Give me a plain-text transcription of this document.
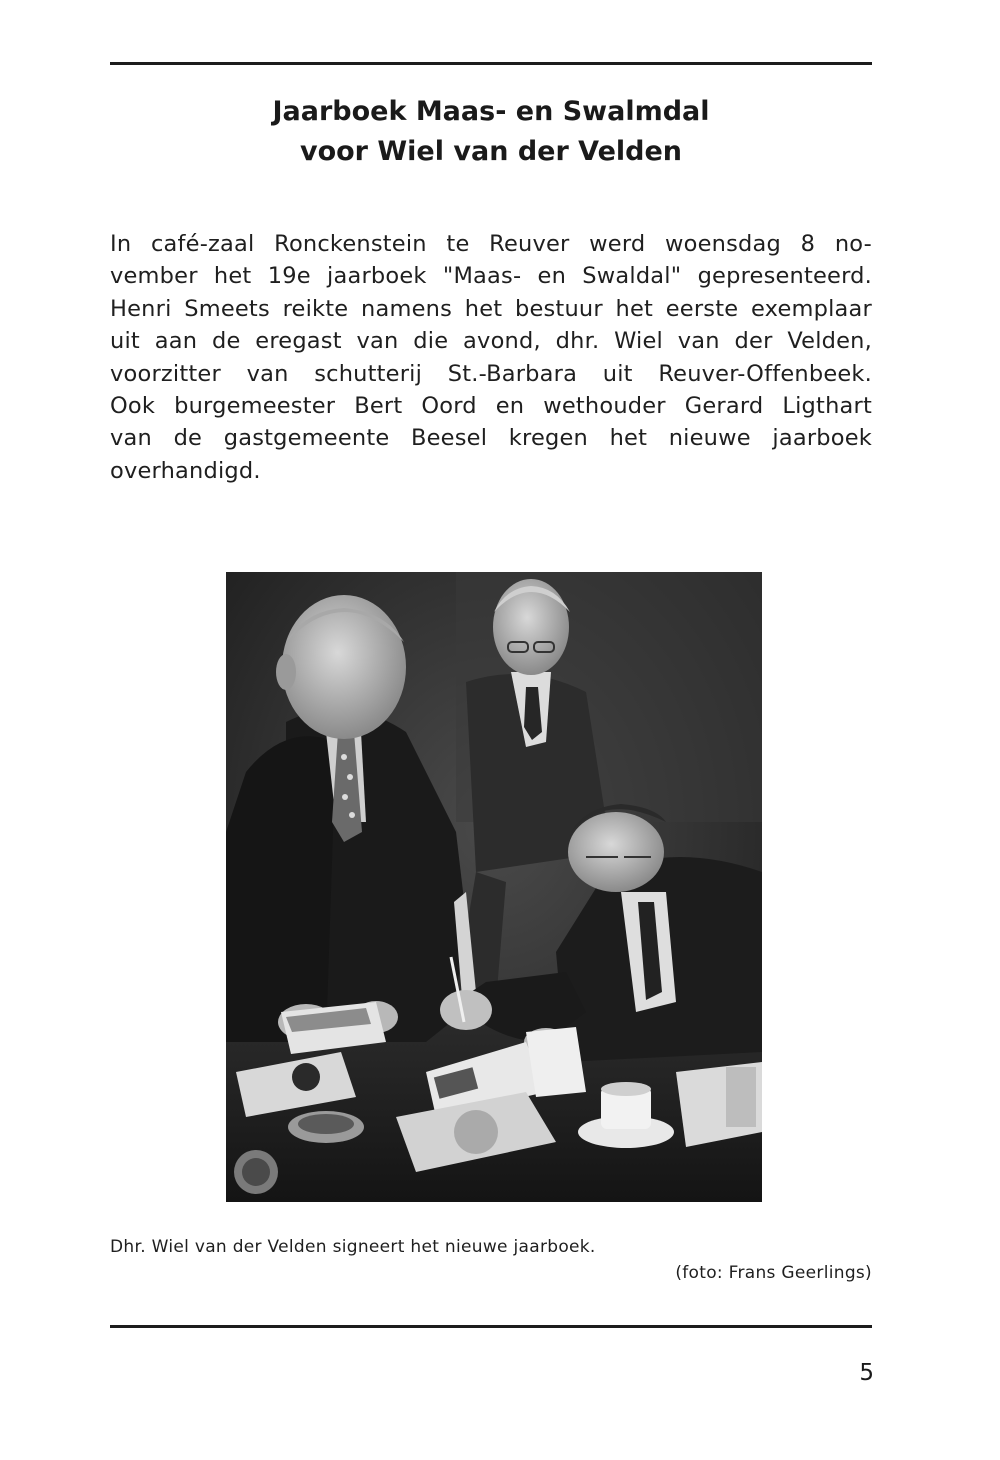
Jaarboek Maas- en Swalmdal
voor Wiel van der Velden
In café-zaal Ronckenstein te Reuver werd woensdag 8 no-
vember het 19e jaarboek "Maas- en Swaldal" gepresenteerd.
Henri Smeets reikte namens het bestuur het eerste exemplaar
uit aan de eregast van die avond, dhr. Wiel van der Velden,
voorzitter van schutterij St.-Barbara uit Reuver-Offenbeek.
Ook burgemeester Bert Oord en wethouder Gerard Ligthart
van de gastgemeente Beesel kregen het nieuwe jaarboek
overhandigd.
Dhr. Wiel van der Velden signeert het nieuwe jaarboek.
(foto: Frans Geerlings)
5
